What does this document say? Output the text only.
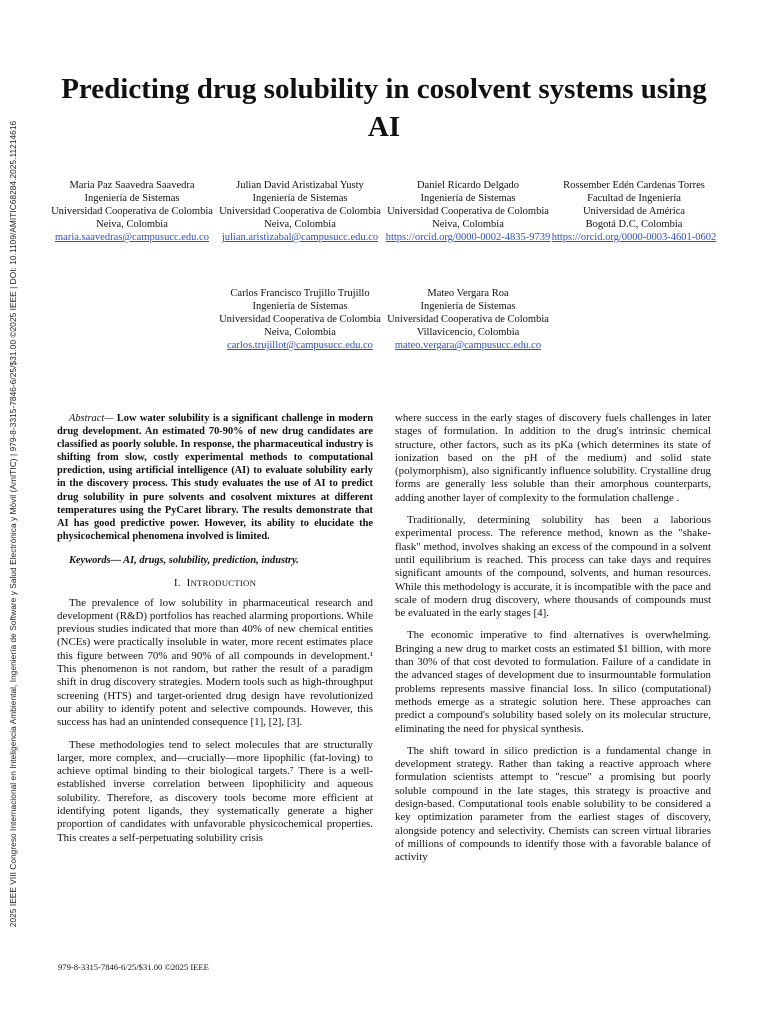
2025 IEEE VIII Congreso Internacional en Inteligencia Ambiental, Ingeniería de Software y Salud Electrónica y Móvil (AmITIC) | 979-8-3315-7846-6/25/$31.00 ©2025 IEEE | DOI: 10.1109/AMITIC68284.2025.11214616
Predicting drug solubility in cosolvent systems using AI
Maria Paz Saavedra Saavedra
Ingeniería de Sistemas
Universidad Cooperativa de Colombia
Neiva, Colombia
maria.saavedras@campusucc.edu.co
Julian David Aristizabal Yusty
Ingeniería de Sistemas
Universidad Cooperativa de Colombia
Neiva, Colombia
julian.aristizabal@campusucc.edu.co
Daniel Ricardo Delgado
Ingeniería de Sistemas
Universidad Cooperativa de Colombia
Neiva, Colombia
https://orcid.org/0000-0002-4835-9739
Rossember Edén Cardenas Torres
Facultad de Ingeniería
Universidad de América
Bogotá D.C, Colombia
https://orcid.org/0000-0003-4601-0602
Carlos Francisco Trujillo Trujillo
Ingeniería de Sistemas
Universidad Cooperativa de Colombia
Neiva, Colombia
carlos.trujillot@campusucc.edu.co
Mateo Vergara Roa
Ingeniería de Sistemas
Universidad Cooperativa de Colombia
Villavicencio, Colombia
mateo.vergara@campusucc.edu.co

Abstract— Low water solubility is a significant challenge in modern drug development. An estimated 70-90% of new drug candidates are classified as poorly soluble. In response, the pharmaceutical industry is shifting from slow, costly experimental methods to computational prediction, using artificial intelligence (AI) to evaluate solubility early in the discovery process. This study evaluates the use of AI to predict drug solubility in pure solvents and cosolvent mixtures at different temperatures using the PyCaret library. The results demonstrate that AI has good predictive power. However, its ability to elucidate the physicochemical phenomena involved is limited.

Keywords— AI, drugs, solubility, prediction, industry.

I. INTRODUCTION

The prevalence of low solubility in pharmaceutical research and development (R&D) portfolios has reached alarming proportions. While previous studies indicated that more than 40% of new chemical entities (NCEs) were practically insoluble in water, more recent estimates place this figure between 70% and 90% of all compounds in development.¹ This phenomenon is not random, but rather the result of a paradigm shift in drug discovery strategies. Modern tools such as high-throughput screening (HTS) and target-oriented drug design have revolutionized our ability to identify potent and selective compounds. However, this success has had an unintended consequence [1], [2], [3].

These methodologies tend to select molecules that are structurally larger, more complex, and—crucially—more lipophilic (fat-loving) to achieve optimal binding to their biological targets.⁷ There is a well-established inverse correlation between lipophilicity and aqueous solubility. Therefore, as discovery tools become more efficient at identifying potent ligands, they systematically generate a higher proportion of candidates with unfavorable physicochemical properties. This creates a self-perpetuating solubility crisis

where success in the early stages of discovery fuels challenges in later stages of formulation. In addition to the drug's intrinsic chemical structure, other factors, such as its pKa (which determines its state of ionization based on the pH of the medium) and solid state (polymorphism), also significantly influence solubility. Crystalline drug forms are generally less soluble than their amorphous counterparts, adding another layer of complexity to the formulation challenge .

Traditionally, determining solubility has been a laborious experimental process. The reference method, known as the "shake-flask" method, involves shaking an excess of the compound in a solvent until equilibrium is reached. This process can take days and requires significant amounts of the compound, solvents, and human resources. While this methodology is accurate, it is incompatible with the pace and scale of modern drug discovery, where thousands of compounds must be evaluated in the early stages [4].

The economic imperative to find alternatives is overwhelming. Bringing a new drug to market costs an estimated $1 billion, with more than 30% of that cost devoted to formulation. Failure of a candidate in the advanced stages of development due to insurmountable formulation problems represents massive financial loss. In silico (computational) methods emerge as a strategic solution here. These approaches can predict a compound's solubility based solely on its molecular structure, eliminating the need for physical synthesis.

The shift toward in silico prediction is a fundamental change in development strategy. Rather than taking a reactive approach where formulation scientists attempt to "rescue" a promising but poorly soluble compound in the late stages, this strategy is proactive and design-based. Computational tools enable solubility to be considered a key optimization parameter from the earliest stages of discovery, alongside potency and selectivity. Chemists can screen virtual libraries of millions of compounds to identify those with a favorable balance of activity

979-8-3315-7846-6/25/$31.00 ©2025 IEEE
